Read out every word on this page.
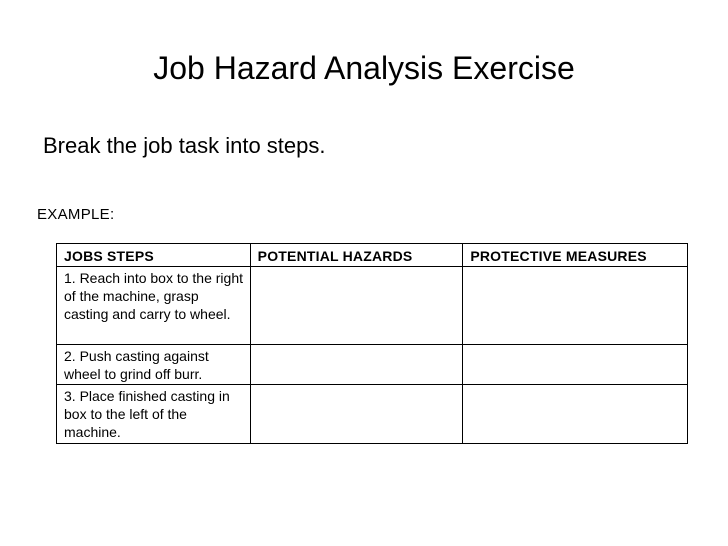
Job Hazard Analysis Exercise

Break the job task into steps.

EXAMPLE:

JOBS STEPS	POTENTIAL HAZARDS	PROTECTIVE MEASURES
1. Reach into box to the right of the machine, grasp casting and carry to wheel.		
2. Push casting against wheel to grind off burr.		
3. Place finished casting in box to the left of the machine.		
